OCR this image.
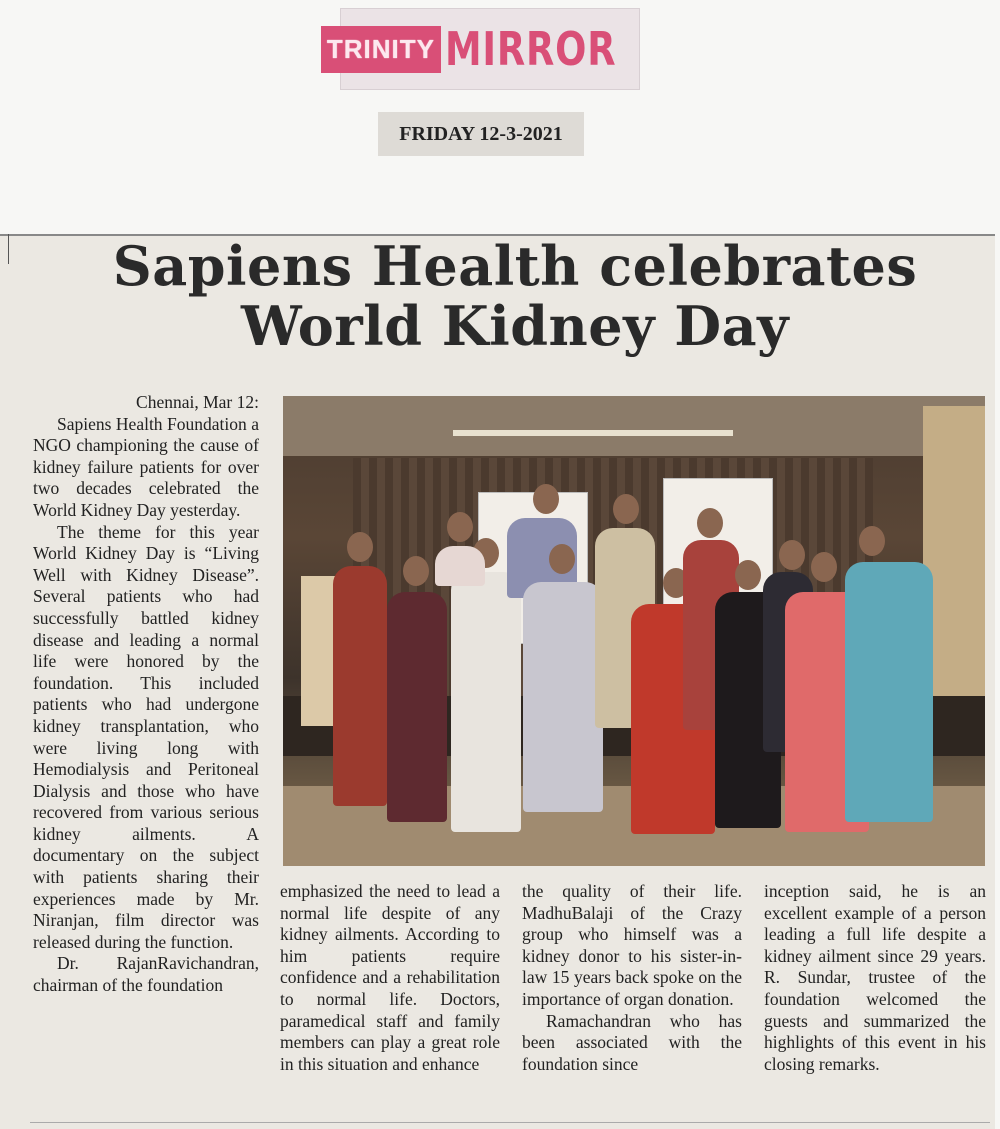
TRINITY MIRROR
FRIDAY 12-3-2021
Sapiens Health celebrates
World Kidney Day

Chennai, Mar 12:

Sapiens Health Foundation a NGO championing the cause of kidney failure patients for over two decades celebrated the World Kidney Day yesterday.

The theme for this year World Kidney Day is “Living Well with Kidney Disease”. Several patients who had successfully battled kidney disease and leading a normal life were honored by the foundation. This included patients who had undergone kidney transplantation, who were living long with Hemodialysis and Peritoneal Dialysis and those who have recovered from various serious kidney ailments. A documentary on the subject with patients sharing their experiences made by Mr. Niranjan, film director was released during the function.

Dr. RajanRavichandran, chairman of the foundation

emphasized the need to lead a normal life despite of any kidney ailments. According to him patients require confidence and a rehabilitation to normal life. Doctors, paramedical staff and family members can play a great role in this situation and enhance

the quality of their life. MadhuBalaji of the Crazy group who himself was a kidney donor to his sister-in-law 15 years back spoke on the importance of organ donation.

Ramachandran who has been associated with the foundation since

inception said, he is an excellent example of a person leading a full life despite a kidney ailment since 29 years. R. Sundar, trustee of the foundation welcomed the guests and summarized the highlights of this event in his closing remarks.
